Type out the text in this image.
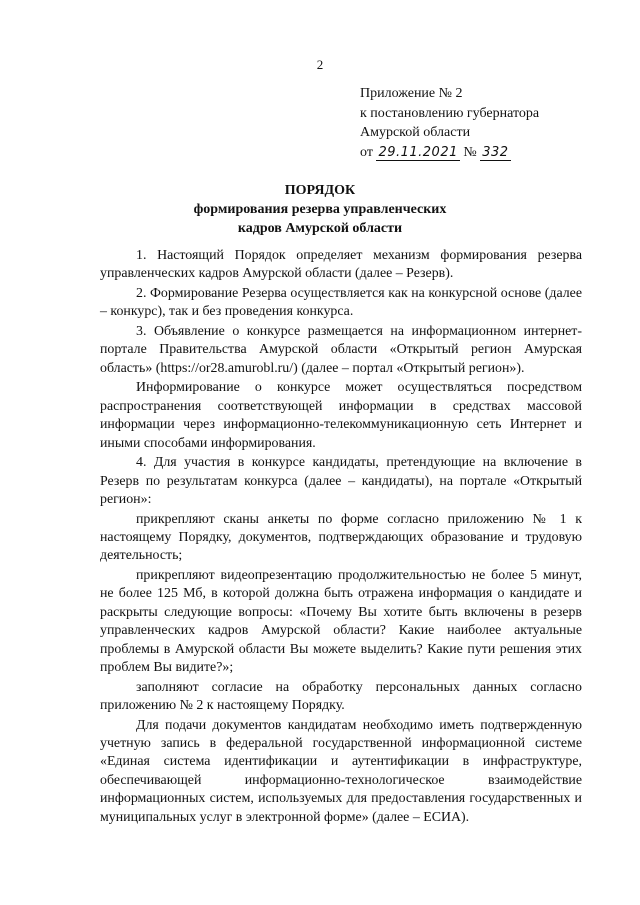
2
Приложение № 2
к постановлению губернатора
Амурской области
от 29.11.2021 № 332
ПОРЯДОК
формирования резерва управленческих
кадров Амурской области

1. Настоящий Порядок определяет механизм формирования резерва управленческих кадров Амурской области (далее – Резерв).

2. Формирование Резерва осуществляется как на конкурсной основе (далее – конкурс), так и без проведения конкурса.

3. Объявление о конкурсе размещается на информационном интернет-портале Правительства Амурской области «Открытый регион Амурская область» (https://or28.amurobl.ru/) (далее – портал «Открытый регион»).

Информирование о конкурсе может осуществляться посредством распространения соответствующей информации в средствах массовой информации через информационно-телекоммуникационную сеть Интернет и иными способами информирования.

4. Для участия в конкурсе кандидаты, претендующие на включение в Резерв по результатам конкурса (далее – кандидаты), на портале «Открытый регион»:

прикрепляют сканы анкеты по форме согласно приложению № 1 к настоящему Порядку, документов, подтверждающих образование и трудовую деятельность;

прикрепляют видеопрезентацию продолжительностью не более 5 минут, не более 125 Мб, в которой должна быть отражена информация о кандидате и раскрыты следующие вопросы: «Почему Вы хотите быть включены в резерв управленческих кадров Амурской области? Какие наиболее актуальные проблемы в Амурской области Вы можете выделить? Какие пути решения этих проблем Вы видите?»;

заполняют согласие на обработку персональных данных согласно приложению № 2 к настоящему Порядку.

Для подачи документов кандидатам необходимо иметь подтвержденную учетную запись в федеральной государственной информационной системе «Единая система идентификации и аутентификации в инфраструктуре, обеспечивающей информационно-технологическое взаимодействие информационных систем, используемых для предоставления государственных и муниципальных услуг в электронной форме» (далее – ЕСИА).
